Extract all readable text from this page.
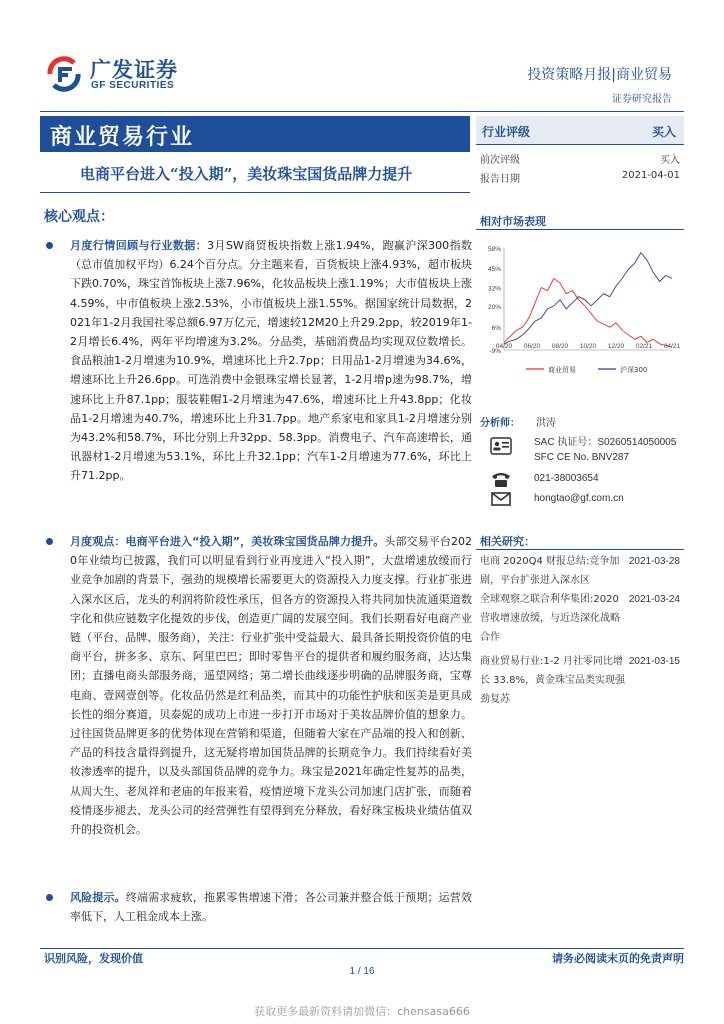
广发证券
GF SECURITIES
投资策略月报|商业贸易
证券研究报告
商业贸易行业
电商平台进入“投入期”，美妆珠宝国货品牌力提升
核心观点：

月度行情回顾与行业数据：3月SW商贸板块指数上涨1.94%，跑赢沪深300指数（总市值加权平均）6.24个百分点。分主题来看，百货板块上涨4.93%，超市板块下跌0.70%，珠宝首饰板块上涨7.96%，化妆品板块上涨1.19%；大市值板块上涨4.59%，中市值板块上涨2.53%，小市值板块上涨1.55%。据国家统计局数据，2021年1-2月我国社零总额6.97万亿元，增速较12M20上升29.2pp，较2019年1-2月增长6.4%，两年平均增速为3.2%。分品类，基础消费品均实现双位数增长。食品粮油1-2月增速为10.9%，增速环比上升2.7pp；日用品1-2月增速为34.6%，增速环比上升26.6pp。可选消费中金银珠宝增长显著，1-2月增p速为98.7%，增速环比上升87.1pp；服装鞋帽1-2月增速为47.6%，增速环比上升43.8pp；化妆品1-2月增速为40.7%，增速环比上升31.7pp。地产系家电和家具1-2月增速分别为43.2%和58.7%，环比分别上升32pp、58.3pp。消费电子、汽车高速增长，通讯器材1-2月增速为53.1%，环比上升32.1pp；汽车1-2月增速为77.6%，环比上升71.2pp。

月度观点：电商平台进入“投入期”，美妆珠宝国货品牌力提升。头部交易平台2020年业绩均已披露，我们可以明显看到行业再度进入“投入期”，大盘增速放缓而行业竞争加剧的背景下，强劲的规模增长需要更大的资源投入力度支撑。行业扩张进入深水区后，龙头的利润将阶段性承压，但各方的资源投入将共同加快流通渠道数字化和供应链数字化提效的步伐，创造更广阔的发展空间。我们长期看好电商产业链（平台、品牌、服务商），关注：行业扩张中受益最大、最具备长期投资价值的电商平台，拼多多、京东、阿里巴巴；即时零售平台的提供者和履约服务商，达达集团；直播电商头部服务商，遥望网络；第二增长曲线逐步明确的品牌服务商，宝尊电商、壹网壹创等。化妆品仍然是红利品类，而其中的功能性护肤和医美是更具成长性的细分赛道，贝泰妮的成功上市进一步打开市场对于美妆品牌价值的想象力。过往国货品牌更多的优势体现在营销和渠道，但随着大家在产品端的投入和创新、产品的科技含量得到提升，这无疑将增加国货品牌的长期竞争力。我们持续看好美妆渗透率的提升，以及头部国货品牌的竞争力。珠宝是2021年确定性复苏的品类，从周大生、老凤祥和老庙的年报来看，疫情逆境下龙头公司加速门店扩张，而随着疫情逐步褪去、龙头公司的经营弹性有望得到充分释放，看好珠宝板块业绩估值双升的投资机会。

风险提示。终端需求疲软，拖累零售增速下滑；各公司兼并整合低于预期；运营效率低下，人工租金成本上涨。

行业评级	买入
前次评级	买入
报告日期	2021-04-01
相对市场表现
-9%
6%
20%
32%
45%
58%
04/20 06/20 08/20 10/20 12/20 02/21 04/21
商业贸易	沪深300
分析师： 洪涛
SAC 执证号：S0260514050005
SFC CE No. BNV287
021-38003654
hongtao@gf.com.cn
相关研究：
电商 2020Q4 财报总结:竞争加剧，平台扩张进入深水区
2021-03-28
全球观察之联合利华集团:2020 营收增速放缓，与近迭深化战略合作
2021-03-24
商业贸易行业:1-2 月社零同比增长 33.8%，黄金珠宝品类实现强劲复苏
2021-03-15
识别风险，发现价值	请务必阅读末页的免责声明
1 / 16
获取更多最新资料请加微信：chensasa666
